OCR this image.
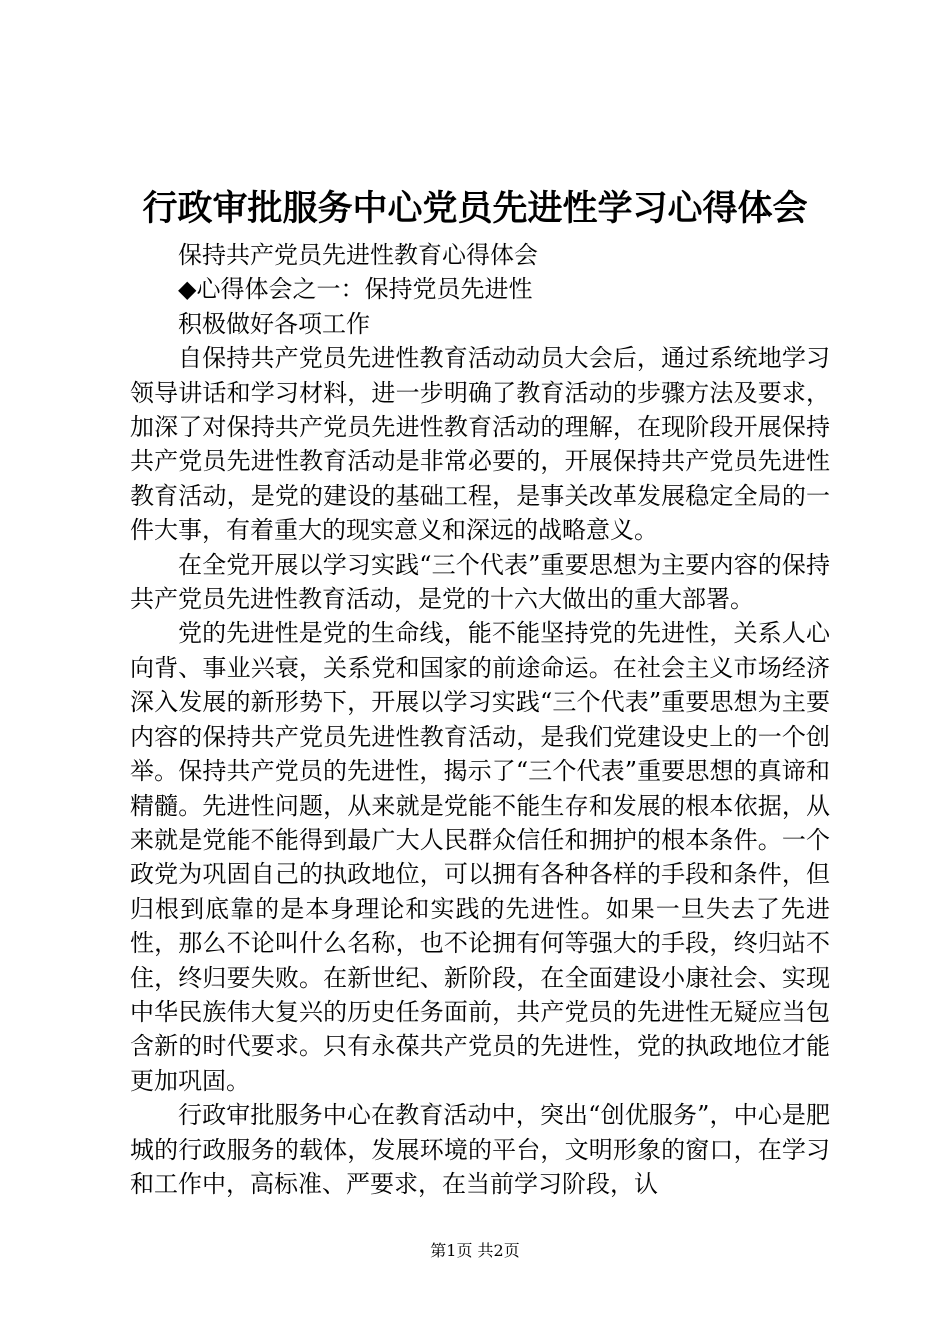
行政审批服务中心党员先进性学习心得体会

保持共产党员先进性教育心得体会

◆心得体会之一：保持党员先进性

积极做好各项工作

自保持共产党员先进性教育活动动员大会后，通过系统地学习领导讲话和学习材料，进一步明确了教育活动的步骤方法及要求，加深了对保持共产党员先进性教育活动的理解，在现阶段开展保持共产党员先进性教育活动是非常必要的，开展保持共产党员先进性教育活动，是党的建设的基础工程，是事关改革发展稳定全局的一件大事，有着重大的现实意义和深远的战略意义。

在全党开展以学习实践“三个代表”重要思想为主要内容的保持共产党员先进性教育活动，是党的十六大做出的重大部署。

党的先进性是党的生命线，能不能坚持党的先进性，关系人心向背、事业兴衰，关系党和国家的前途命运。在社会主义市场经济深入发展的新形势下，开展以学习实践“三个代表”重要思想为主要内容的保持共产党员先进性教育活动，是我们党建设史上的一个创举。保持共产党员的先进性，揭示了“三个代表”重要思想的真谛和精髓。先进性问题，从来就是党能不能生存和发展的根本依据，从来就是党能不能得到最广大人民群众信任和拥护的根本条件。一个政党为巩固自己的执政地位，可以拥有各种各样的手段和条件，但归根到底靠的是本身理论和实践的先进性。如果一旦失去了先进性，那么不论叫什么名称，也不论拥有何等强大的手段，终归站不住，终归要失败。在新世纪、新阶段，在全面建设小康社会、实现中华民族伟大复兴的历史任务面前，共产党员的先进性无疑应当包含新的时代要求。只有永葆共产党员的先进性，党的执政地位才能更加巩固。

行政审批服务中心在教育活动中，突出“创优服务”，中心是肥城的行政服务的载体，发展环境的平台，文明形象的窗口，在学习和工作中，高标准、严要求，在当前学习阶段，认

第1页 共2页
